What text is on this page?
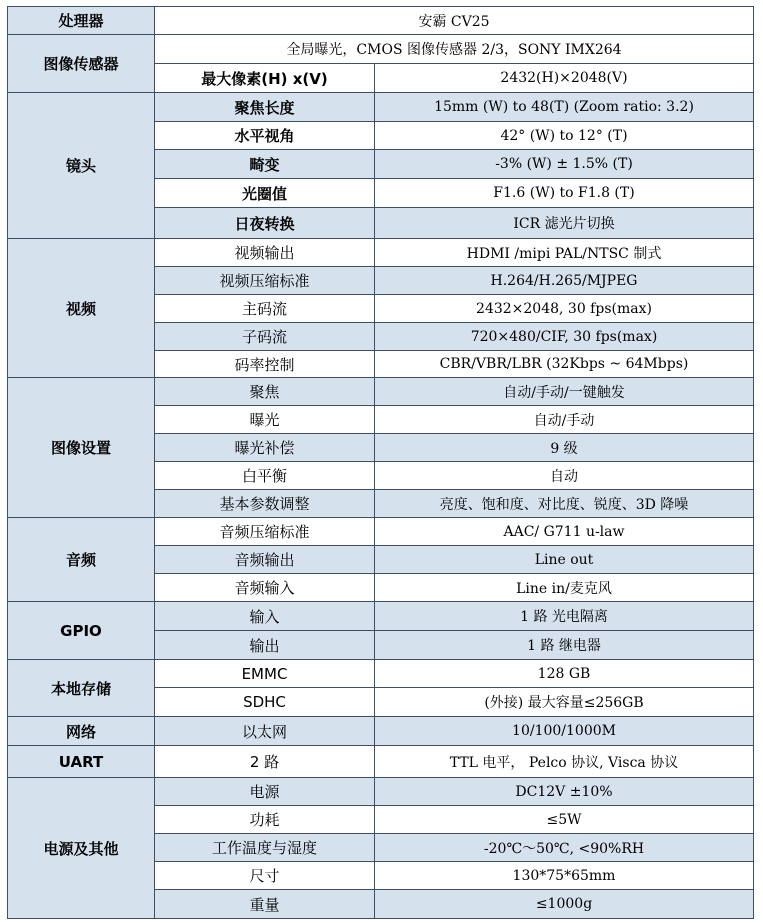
处理器	安霸 CV25	
图像传感器	全局曝光，CMOS 图像传感器 2/3，SONY IMX264	
	最大像素(H) x(V)	2432(H)×2048(V)
镜头	聚焦长度	15mm (W) to 48(T) (Zoom ratio: 3.2)
	水平视角	42° (W) to 12° (T)
	畸变	-3% (W) ± 1.5% (T)
	光圈值	F1.6 (W) to F1.8 (T)
	日夜转换	ICR 滤光片切换
视频	视频输出	HDMI /mipi PAL/NTSC 制式
	视频压缩标准	H.264/H.265/MJPEG
	主码流	2432×2048, 30 fps(max)
	子码流	720×480/CIF, 30 fps(max)
	码率控制	CBR/VBR/LBR (32Kbps ~ 64Mbps)
图像设置	聚焦	自动/手动/一键触发
	曝光	自动/手动
	曝光补偿	9 级
	白平衡	自动
	基本参数调整	亮度、饱和度、对比度、锐度、3D 降噪
音频	音频压缩标准	AAC/ G711 u-law
	音频输出	Line out
	音频输入	Line in/麦克风
GPIO	输入	1 路 光电隔离
	输出	1 路 继电器
本地存储	EMMC	128 GB
	SDHC	(外接) 最大容量≤256GB
网络	以太网	10/100/1000M
UART	2 路	TTL 电平， Pelco 协议, Visca 协议
电源及其他	电源	DC12V ±10%
	功耗	≤5W
	工作温度与湿度	-20℃～50℃, <90%RH
	尺寸	130*75*65mm
	重量	≤1000g
